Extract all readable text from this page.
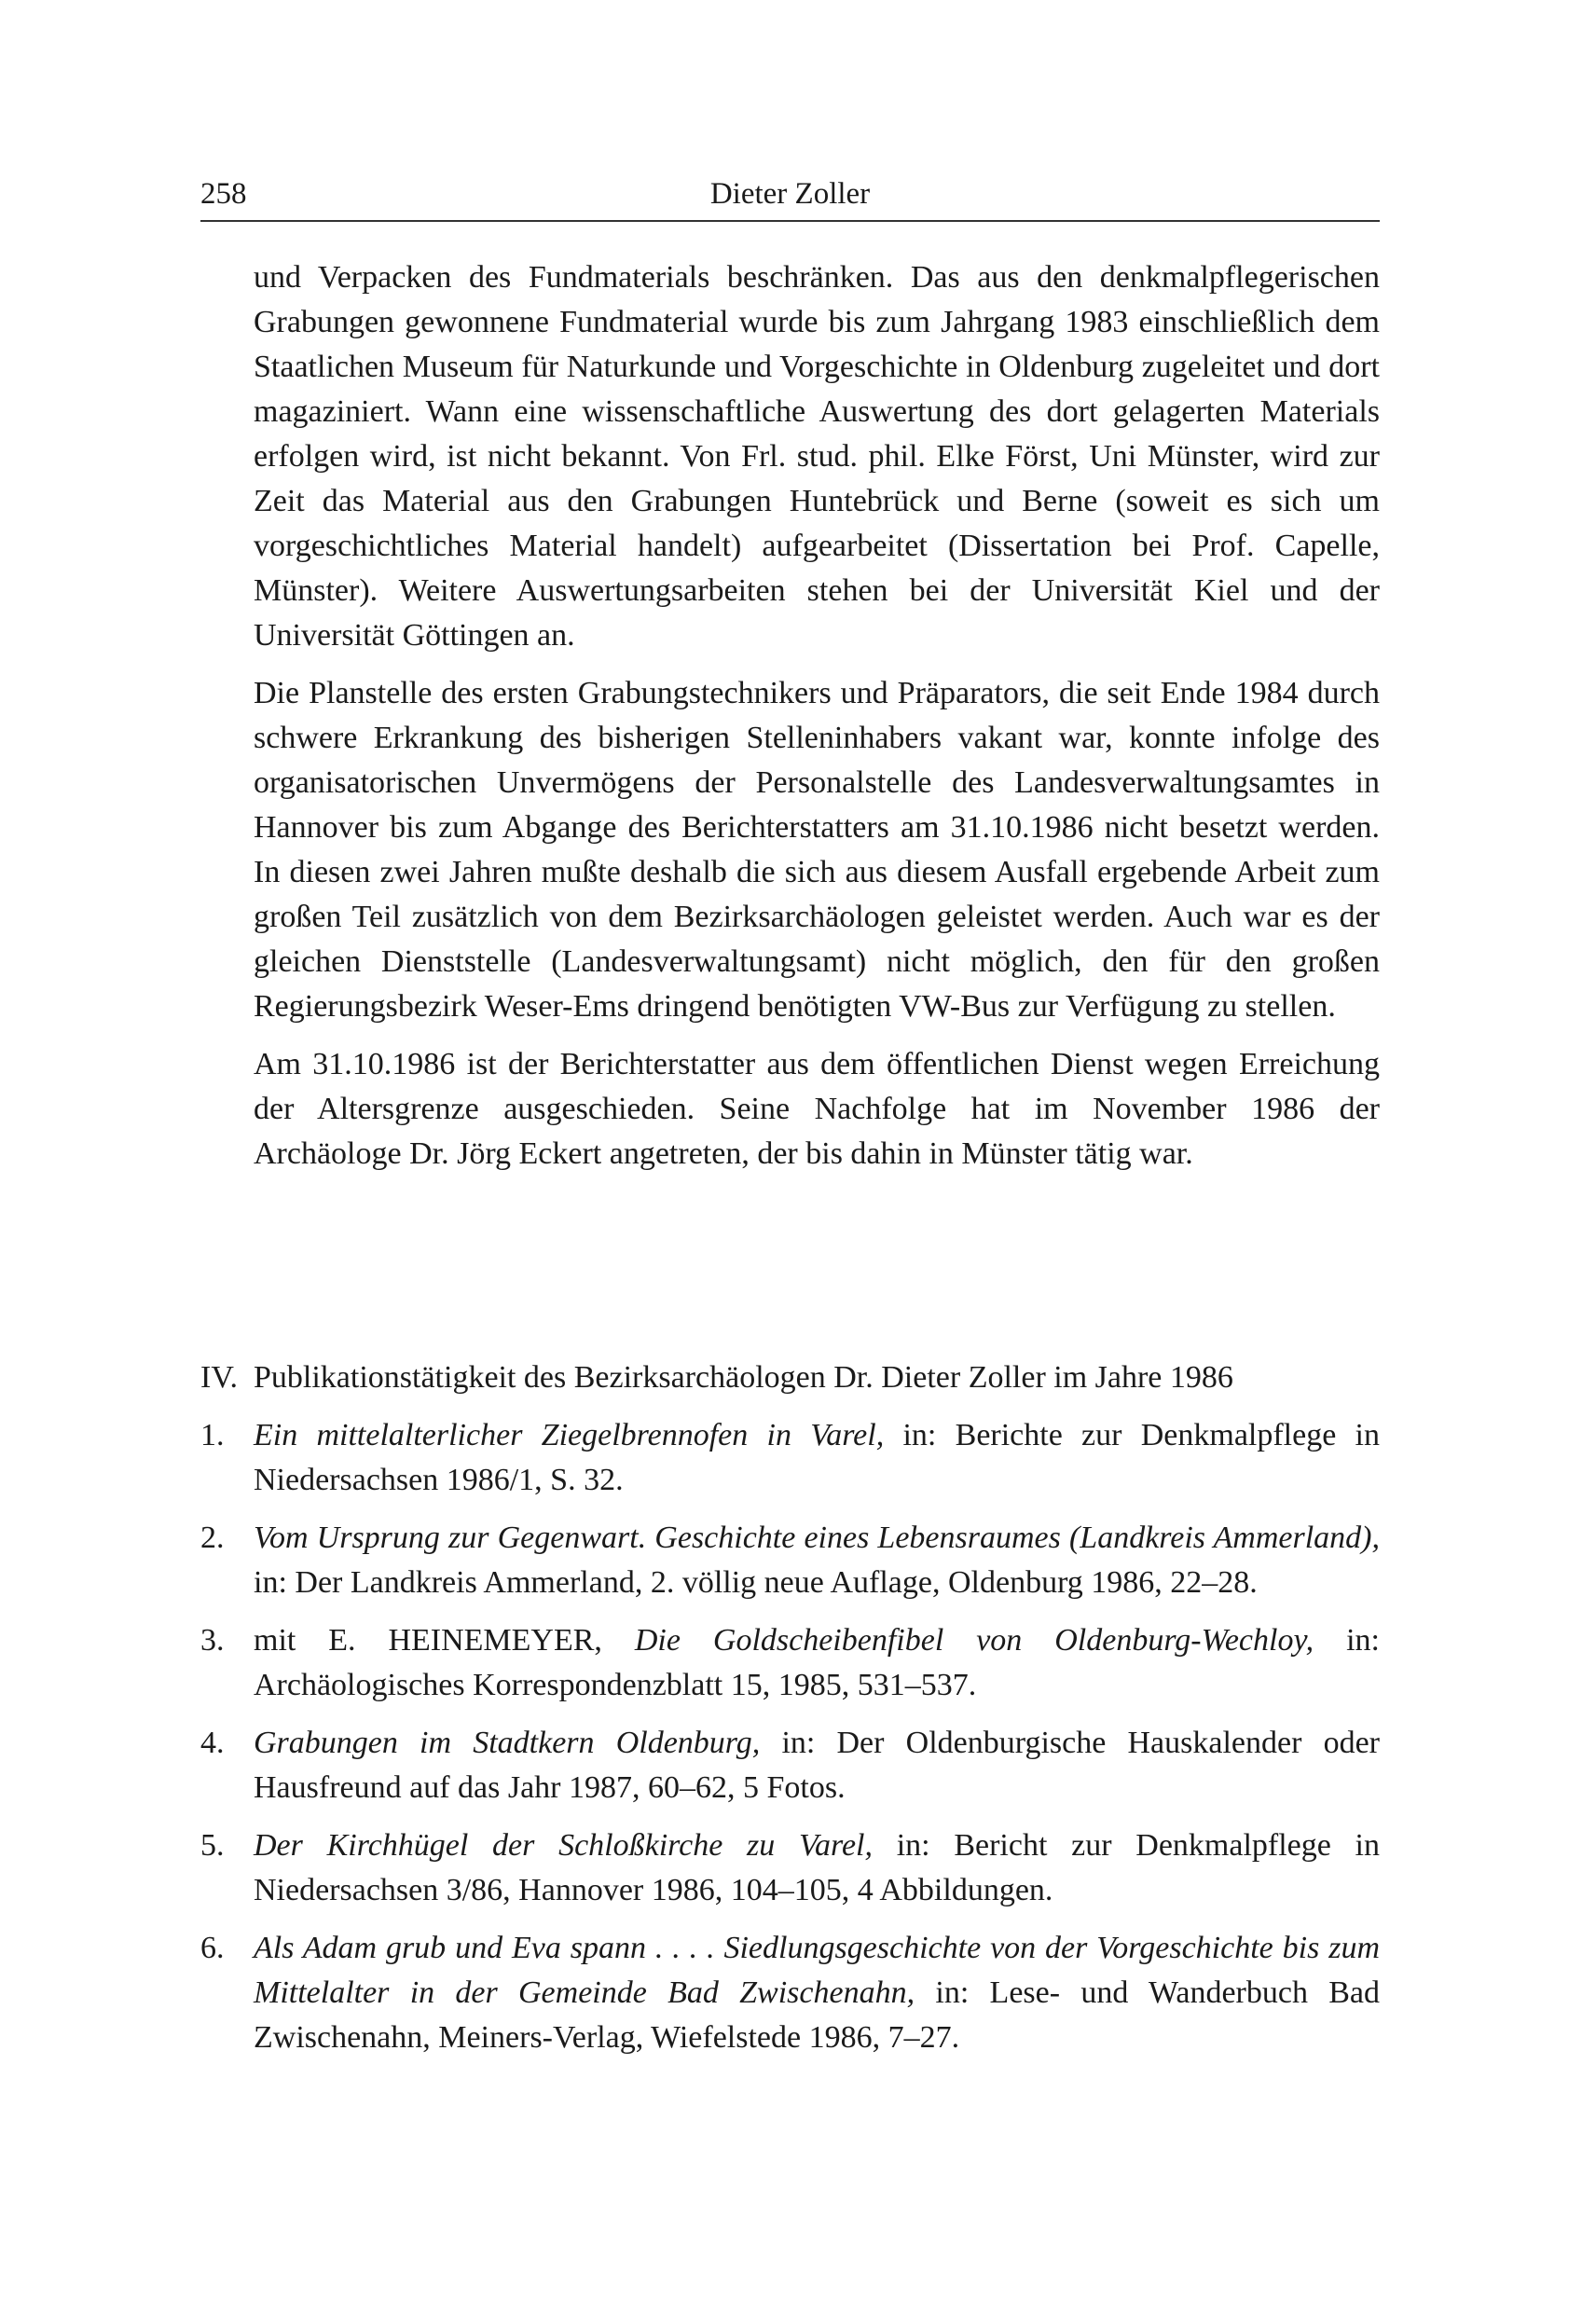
258	Dieter Zoller

und Verpacken des Fundmaterials beschränken. Das aus den denkmalpflegerischen Grabungen gewonnene Fundmaterial wurde bis zum Jahrgang 1983 einschließlich dem Staatlichen Museum für Naturkunde und Vorgeschichte in Oldenburg zugeleitet und dort magaziniert. Wann eine wissenschaftliche Auswertung des dort gelagerten Materials erfolgen wird, ist nicht bekannt. Von Frl. stud. phil. Elke Först, Uni Münster, wird zur Zeit das Material aus den Grabungen Huntebrück und Berne (soweit es sich um vorgeschichtliches Material handelt) aufgearbeitet (Dissertation bei Prof. Capelle, Münster). Weitere Auswertungsarbeiten stehen bei der Universität Kiel und der Universität Göttingen an.

Die Planstelle des ersten Grabungstechnikers und Präparators, die seit Ende 1984 durch schwere Erkrankung des bisherigen Stelleninhabers vakant war, konnte infolge des organisatorischen Unvermögens der Personalstelle des Landesverwaltungsamtes in Hannover bis zum Abgange des Berichterstatters am 31.10.1986 nicht besetzt werden. In diesen zwei Jahren mußte deshalb die sich aus diesem Ausfall ergebende Arbeit zum großen Teil zusätzlich von dem Bezirksarchäologen geleistet werden. Auch war es der gleichen Dienststelle (Landesverwaltungsamt) nicht möglich, den für den großen Regierungsbezirk Weser-Ems dringend benötigten VW-Bus zur Verfügung zu stellen.

Am 31.10.1986 ist der Berichterstatter aus dem öffentlichen Dienst wegen Erreichung der Altersgrenze ausgeschieden. Seine Nachfolge hat im November 1986 der Archäologe Dr. Jörg Eckert angetreten, der bis dahin in Münster tätig war.

IV. Publikationstätigkeit des Bezirksarchäologen Dr. Dieter Zoller im Jahre 1986
1. Ein mittelalterlicher Ziegelbrennofen in Varel, in: Berichte zur Denkmalpflege in Niedersachsen 1986/1, S. 32.
2. Vom Ursprung zur Gegenwart. Geschichte eines Lebensraumes (Landkreis Ammerland), in: Der Landkreis Ammerland, 2. völlig neue Auflage, Oldenburg 1986, 22–28.
3. mit E. HEINEMEYER, Die Goldscheibenfibel von Oldenburg-Wechloy, in: Archäologisches Korrespondenzblatt 15, 1985, 531–537.
4. Grabungen im Stadtkern Oldenburg, in: Der Oldenburgische Hauskalender oder Hausfreund auf das Jahr 1987, 60–62, 5 Fotos.
5. Der Kirchhügel der Schloßkirche zu Varel, in: Bericht zur Denkmalpflege in Niedersachsen 3/86, Hannover 1986, 104–105, 4 Abbildungen.
6. Als Adam grub und Eva spann . . . . Siedlungsgeschichte von der Vorgeschichte bis zum Mittelalter in der Gemeinde Bad Zwischenahn, in: Lese- und Wanderbuch Bad Zwischenahn, Meiners-Verlag, Wiefelstede 1986, 7–27.
